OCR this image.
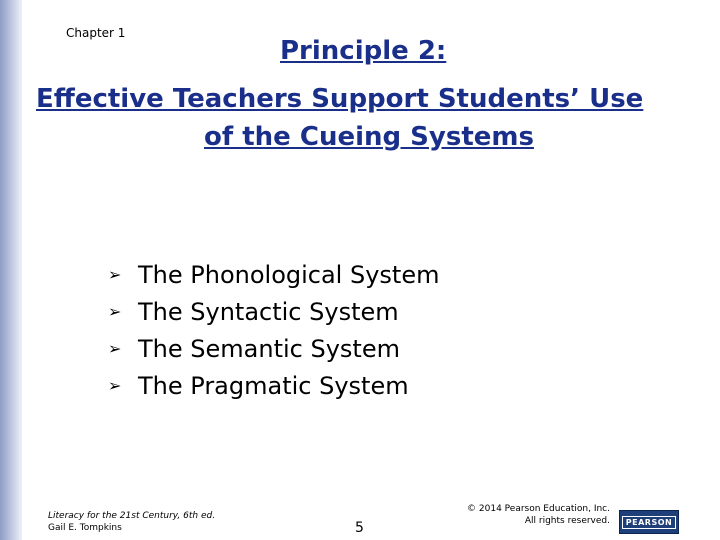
Chapter 1
Principle 2:
Effective Teachers Support Students’ Use
of the Cueing Systems
➢ The Phonological System
➢ The Syntactic System
➢ The Semantic System
➢ The Pragmatic System
Literacy for the 21st Century, 6th ed.
Gail E. Tompkins	5
© 2014 Pearson Education, Inc.
All rights reserved.	PEARSON
